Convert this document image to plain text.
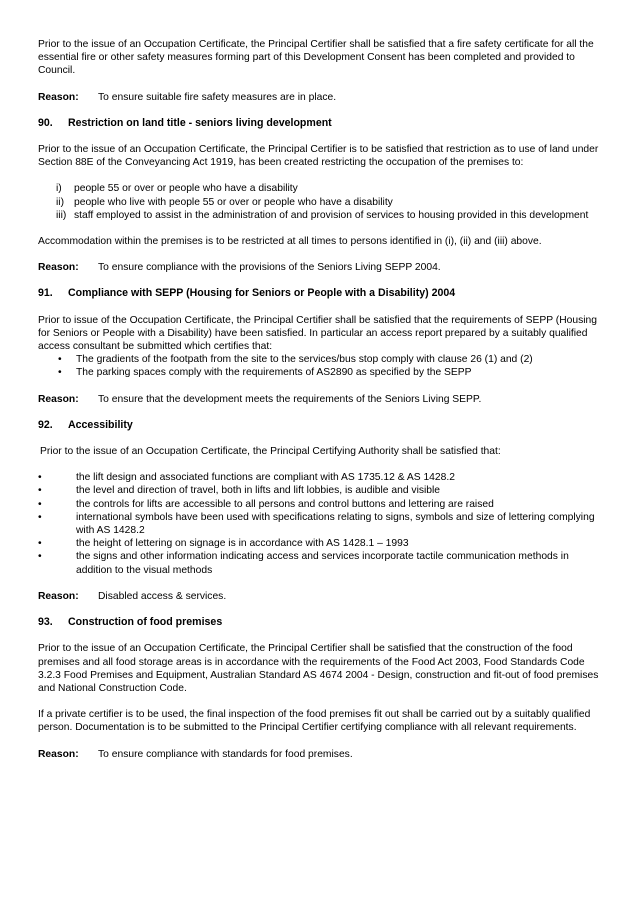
Prior to the issue of an Occupation Certificate, the Principal Certifier shall be satisfied that a fire safety certificate for all the essential fire or other safety measures forming part of this Development Consent has been completed and provided to Council.

Reason: To ensure suitable fire safety measures are in place.

90. Restriction on land title - seniors living development

Prior to the issue of an Occupation Certificate, the Principal Certifier is to be satisfied that restriction as to use of land under Section 88E of the Conveyancing Act 1919, has been created restricting the occupation of the premises to:

i) people 55 or over or people who have a disability
ii) people who live with people 55 or over or people who have a disability
iii) staff employed to assist in the administration of and provision of services to housing provided in this development

Accommodation within the premises is to be restricted at all times to persons identified in (i), (ii) and (iii) above.

Reason: To ensure compliance with the provisions of the Seniors Living SEPP 2004.

91. Compliance with SEPP (Housing for Seniors or People with a Disability) 2004

Prior to issue of the Occupation Certificate, the Principal Certifier shall be satisfied that the requirements of SEPP (Housing for Seniors or People with a Disability) have been satisfied. In particular an access report prepared by a suitably qualified access consultant be submitted which certifies that:

• The gradients of the footpath from the site to the services/bus stop comply with clause 26 (1) and (2)
• The parking spaces comply with the requirements of AS2890 as specified by the SEPP

Reason: To ensure that the development meets the requirements of the Seniors Living SEPP.

92. Accessibility

Prior to the issue of an Occupation Certificate, the Principal Certifying Authority shall be satisfied that:

•	the lift design and associated functions are compliant with AS 1735.12 & AS 1428.2
•	the level and direction of travel, both in lifts and lift lobbies, is audible and visible
•	the controls for lifts are accessible to all persons and control buttons and lettering are raised
•	international symbols have been used with specifications relating to signs, symbols and size of lettering complying with AS 1428.2
•	the height of lettering on signage is in accordance with AS 1428.1 – 1993
•	the signs and other information indicating access and services incorporate tactile communication methods in addition to the visual methods

Reason: Disabled access & services.

93. Construction of food premises

Prior to the issue of an Occupation Certificate, the Principal Certifier shall be satisfied that the construction of the food premises and all food storage areas is in accordance with the requirements of the Food Act 2003, Food Standards Code 3.2.3 Food Premises and Equipment, Australian Standard AS 4674 2004 - Design, construction and fit-out of food premises and National Construction Code.

If a private certifier is to be used, the final inspection of the food premises fit out shall be carried out by a suitably qualified person. Documentation is to be submitted to the Principal Certifier certifying compliance with all relevant requirements.

Reason: To ensure compliance with standards for food premises.
